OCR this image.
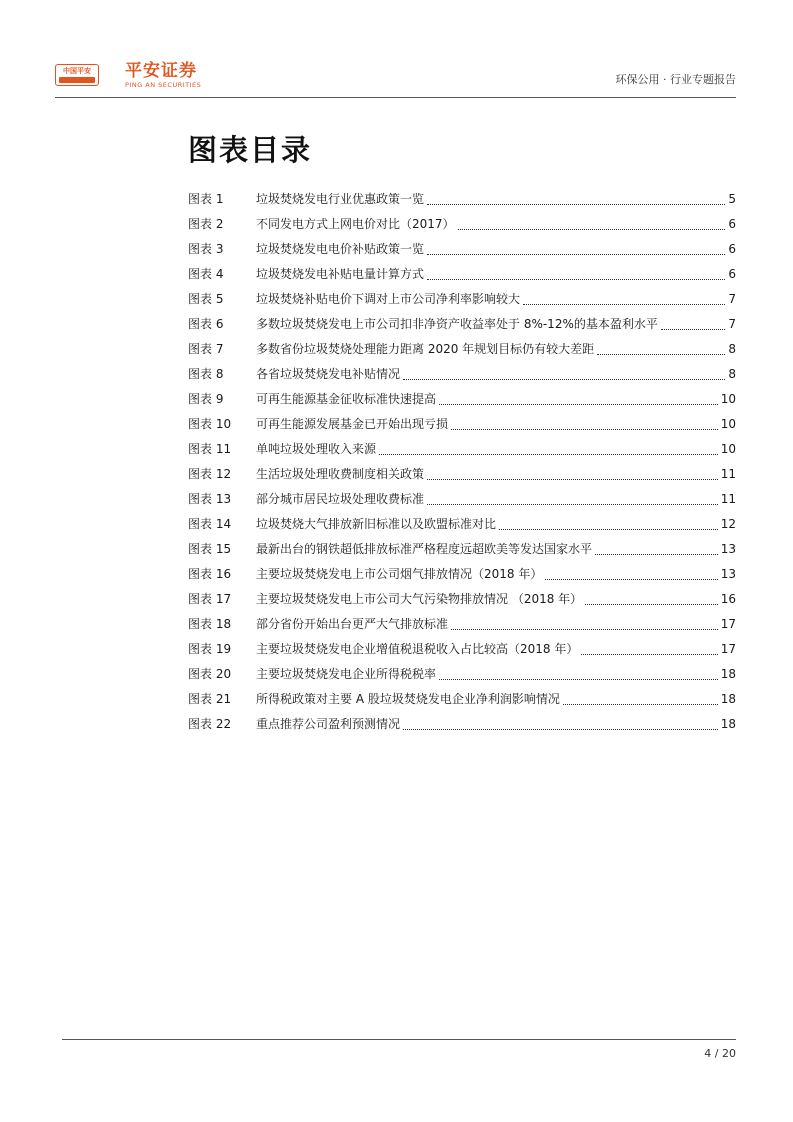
中国平安	平安证券
PING AN SECURITIES	环保公用 · 行业专题报告
图表目录
图表 1	垃圾焚烧发电行业优惠政策一览	5
图表 2	不同发电方式上网电价对比（2017）	6
图表 3	垃圾焚烧发电电价补贴政策一览	6
图表 4	垃圾焚烧发电补贴电量计算方式	6
图表 5	垃圾焚烧补贴电价下调对上市公司净利率影响较大	7
图表 6	多数垃圾焚烧发电上市公司扣非净资产收益率处于 8%-12%的基本盈利水平	7
图表 7	多数省份垃圾焚烧处理能力距离 2020 年规划目标仍有较大差距	8
图表 8	各省垃圾焚烧发电补贴情况	8
图表 9	可再生能源基金征收标准快速提高	10
图表 10	可再生能源发展基金已开始出现亏损	10
图表 11	单吨垃圾处理收入来源	10
图表 12	生活垃圾处理收费制度相关政策	11
图表 13	部分城市居民垃圾处理收费标准	11
图表 14	垃圾焚烧大气排放新旧标准以及欧盟标准对比	12
图表 15	最新出台的钢铁超低排放标准严格程度远超欧美等发达国家水平	13
图表 16	主要垃圾焚烧发电上市公司烟气排放情况（2018 年）	13
图表 17	主要垃圾焚烧发电上市公司大气污染物排放情况 （2018 年）	16
图表 18	部分省份开始出台更严大气排放标准	17
图表 19	主要垃圾焚烧发电企业增值税退税收入占比较高（2018 年）	17
图表 20	主要垃圾焚烧发电企业所得税税率	18
图表 21	所得税政策对主要 A 股垃圾焚烧发电企业净利润影响情况	18
图表 22	重点推荐公司盈利预测情况	18
4 / 20
